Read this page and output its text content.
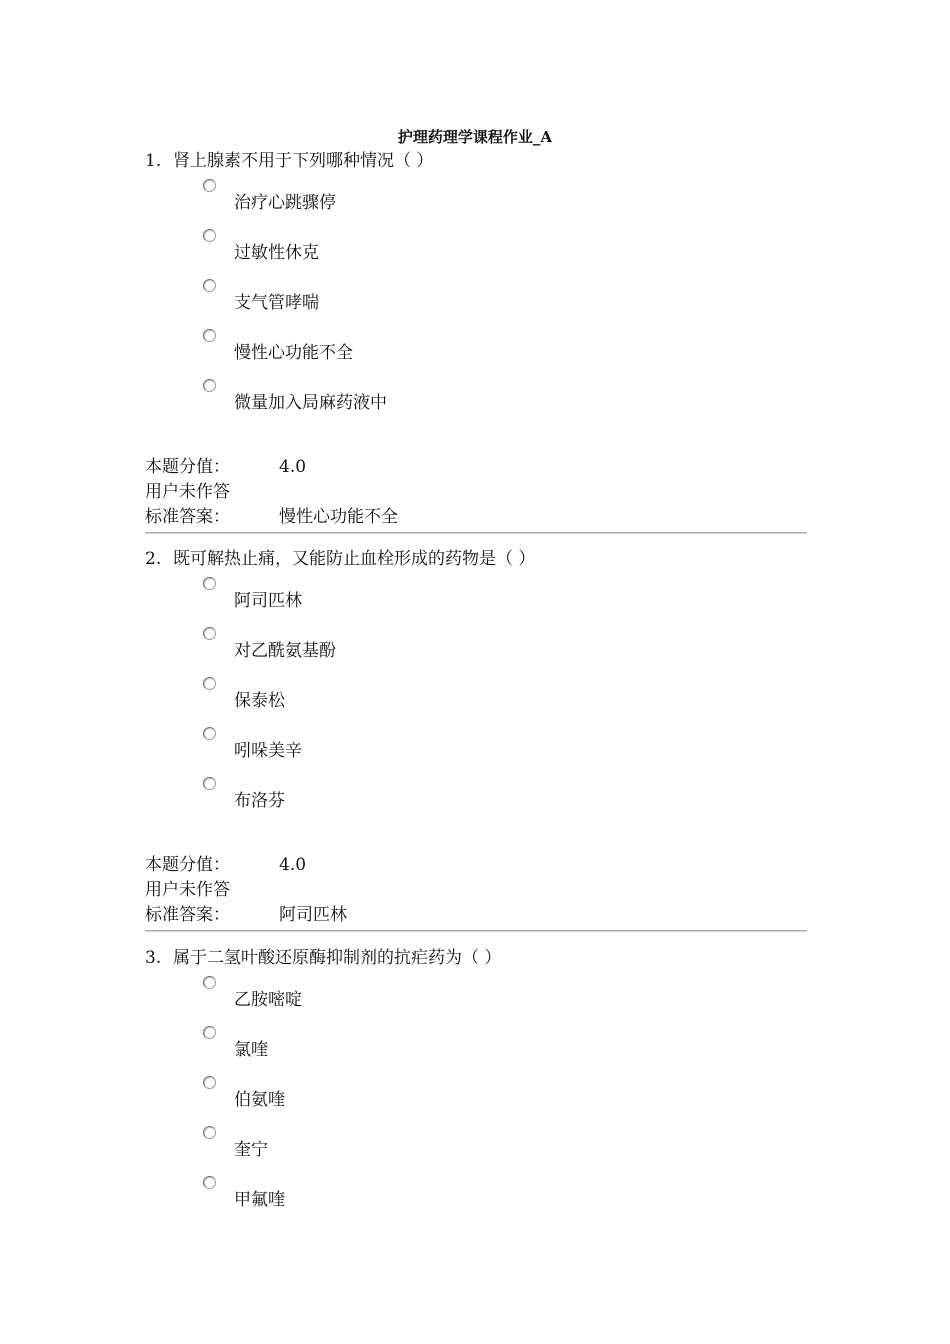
护理药理学课程作业_A
1. 肾上腺素不用于下列哪种情况（ ）
治疗心跳骤停
过敏性休克
支气管哮喘
慢性心功能不全
微量加入局麻药液中
本题分值：	4.0
用户未作答
标准答案：	慢性心功能不全
2. 既可解热止痛，又能防止血栓形成的药物是（ ）
阿司匹林
对乙酰氨基酚
保泰松
吲哚美辛
布洛芬
本题分值：	4.0
用户未作答
标准答案：	阿司匹林
3. 属于二氢叶酸还原酶抑制剂的抗疟药为（ ）
乙胺嘧啶
氯喹
伯氨喹
奎宁
甲氟喹
